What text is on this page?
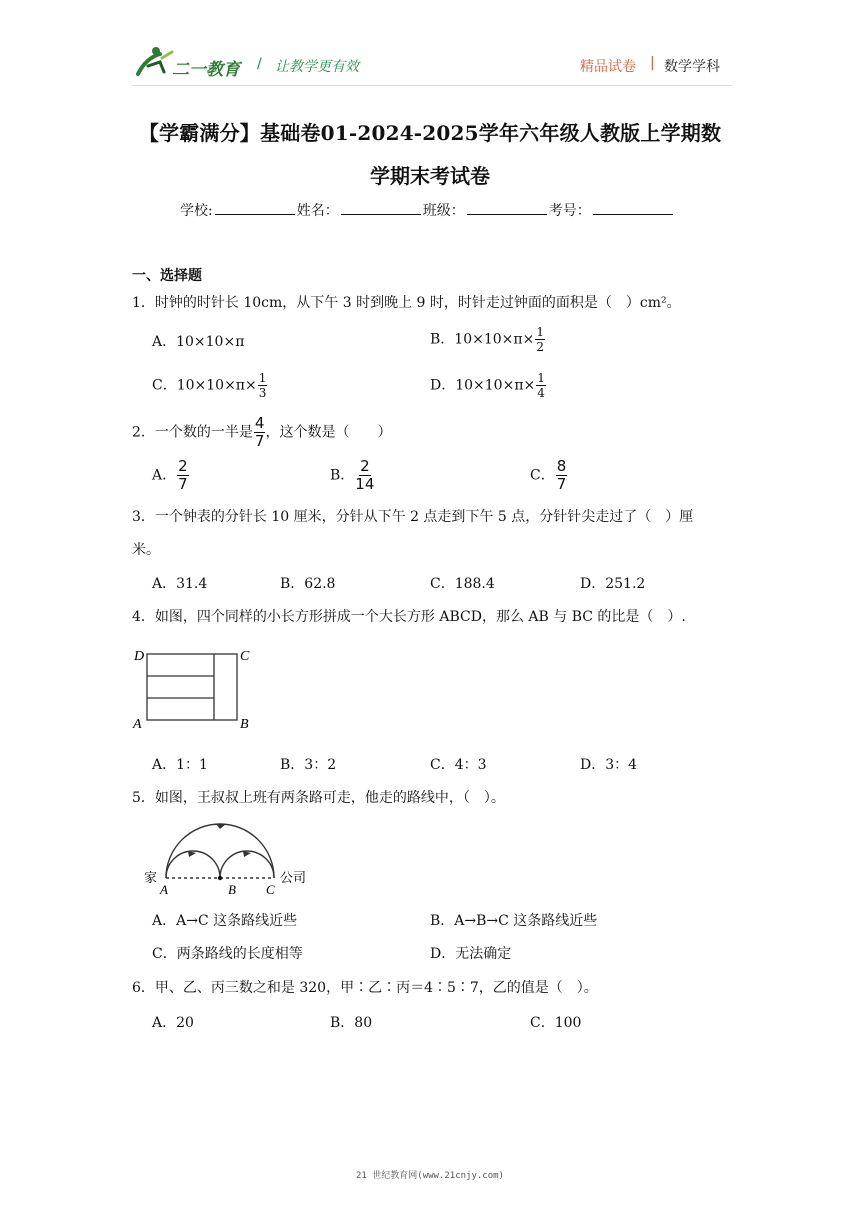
二一教育 / 让教学更有效	精品试卷 | 数学学科
【学霸满分】基础卷01-2024-2025学年六年级人教版上学期数
学期末考试卷
学校:	姓名：	班级：	考号：
一、选择题
1．时钟的时针长 10cm，从下午 3 时到晚上 9 时，时针走过钟面的面积是（　）cm²。
A．10×10×π	B．$10\times 10\times\pi\times \frac{1}{2}$
C．$10\times 10\times\pi\times \frac{1}{3}$	D．$10\times 10\times\pi\times \frac{1}{4}$
2．一个数的一半是 $\frac{4}{7}$ ，这个数是（　　）
A． $\frac{2}{7}$	B． $\frac{2}{14}$	C． $\frac{8}{7}$
3．一个钟表的分针长 10 厘米，分针从下午 2 点走到下午 5 点，分针针尖走过了（　）厘
米。
A．31.4	B．62.8	C．188.4	D．251.2
4．如图，四个同样的小长方形拼成一个大长方形 ABCD，那么 AB 与 BC 的比是（　）.
D	C
A	B
A．1：1	B．3：2	C．4：3	D．3：4
5．如图，王叔叔上班有两条路可走，他走的路线中，（　）。
家	公司
A	B C
A．A→C 这条路线近些	B．A→B→C 这条路线近些
C．两条路线的长度相等	D．无法确定
6．甲、乙、丙三数之和是 320，甲∶乙∶丙＝4∶5∶7，乙的值是（　）。
A．20	B．80	C．100
21 世纪教育网(www.21cnjy.com)
